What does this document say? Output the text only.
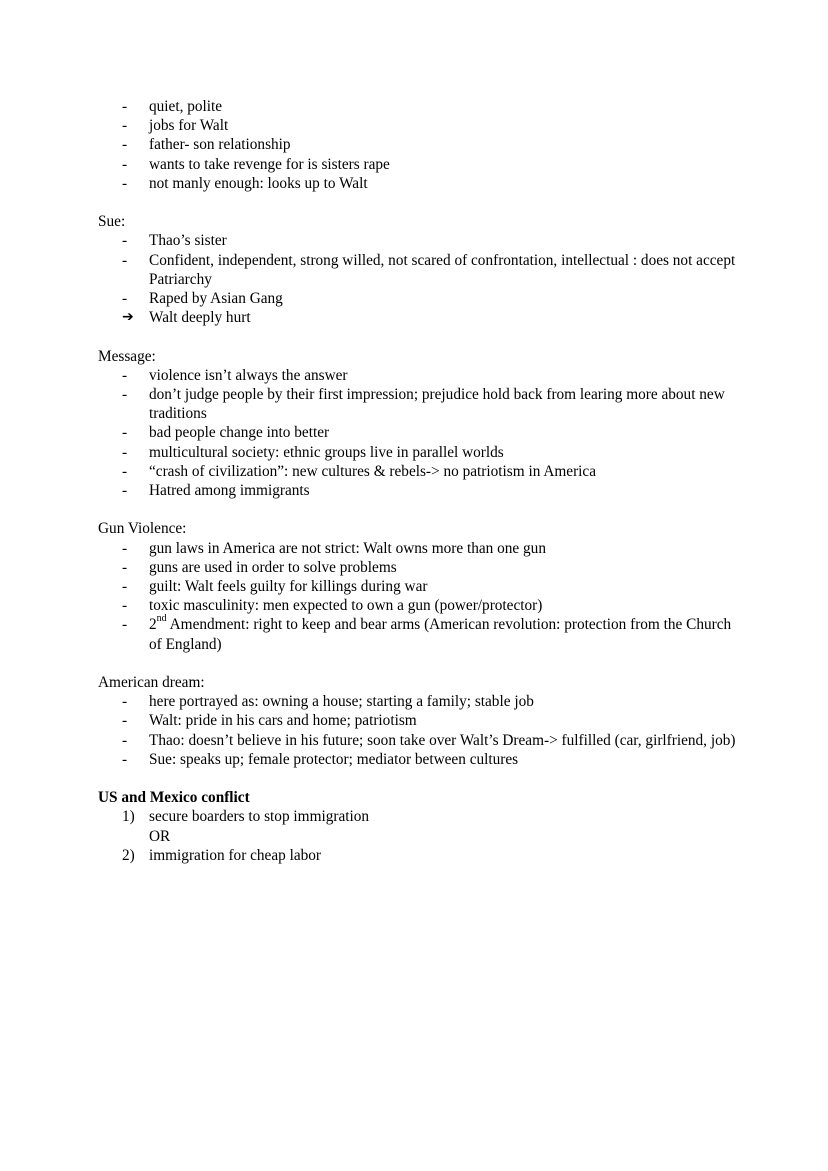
-	quiet, polite
-	jobs for Walt
-	father- son relationship
-	wants to take revenge for is sisters rape
-	not manly enough: looks up to Walt

Sue:

-	Thao’s sister
-	Confident, independent, strong willed, not scared of confrontation, intellectual : does not accept Patriarchy
-	Raped by Asian Gang
➔ Walt deeply hurt

Message:

-	violence isn’t always the answer
-	don’t judge people by their first impression; prejudice hold back from learing more about new traditions
-	bad people change into better
-	multicultural society: ethnic groups live in parallel worlds
-	“crash of civilization”: new cultures & rebels-> no patriotism in America
-	Hatred among immigrants

Gun Violence:

-	gun laws in America are not strict: Walt owns more than one gun
-	guns are used in order to solve problems
-	guilt: Walt feels guilty for killings during war
-	toxic masculinity: men expected to own a gun (power/protector)
-	2nd Amendment: right to keep and bear arms (American revolution: protection from the Church of England)

American dream:

-	here portrayed as: owning a house; starting a family; stable job
-	Walt: pride in his cars and home; patriotism
-	Thao: doesn’t believe in his future; soon take over Walt’s Dream-> fulfilled (car, girlfriend, job)
-	Sue: speaks up; female protector; mediator between cultures

US and Mexico conflict

1) secure boarders to stop immigration
OR
2) immigration for cheap labor
